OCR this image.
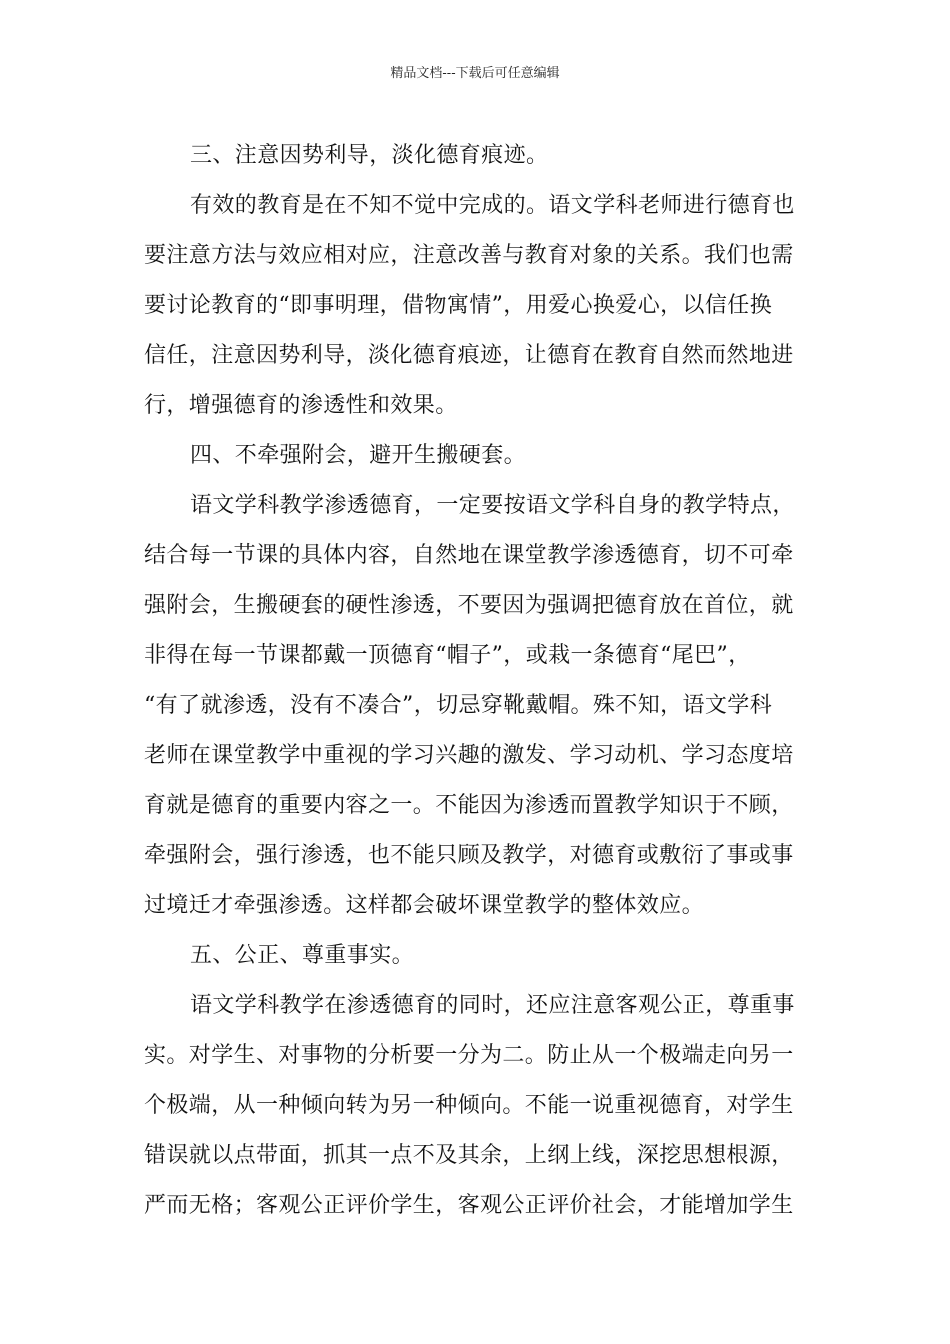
精品文档---下载后可任意编辑
三、注意因势利导，淡化德育痕迹。
有效的教育是在不知不觉中完成的。语文学科老师进行德育也
要注意方法与效应相对应，注意改善与教育对象的关系。我们也需
要讨论教育的“即事明理，借物寓情”，用爱心换爱心，以信任换
信任，注意因势利导，淡化德育痕迹，让德育在教育自然而然地进
行，增强德育的渗透性和效果。
四、不牵强附会，避开生搬硬套。
语文学科教学渗透德育，一定要按语文学科自身的教学特点，
结合每一节课的具体内容，自然地在课堂教学渗透德育，切不可牵
强附会，生搬硬套的硬性渗透，不要因为强调把德育放在首位，就
非得在每一节课都戴一顶德育“帽子”，或栽一条德育“尾巴”，
“有了就渗透，没有不凑合”，切忌穿靴戴帽。殊不知，语文学科
老师在课堂教学中重视的学习兴趣的激发、学习动机、学习态度培
育就是德育的重要内容之一。不能因为渗透而置教学知识于不顾，
牵强附会，强行渗透，也不能只顾及教学，对德育或敷衍了事或事
过境迁才牵强渗透。这样都会破坏课堂教学的整体效应。
五、公正、尊重事实。
语文学科教学在渗透德育的同时，还应注意客观公正，尊重事
实。对学生、对事物的分析要一分为二。防止从一个极端走向另一
个极端，从一种倾向转为另一种倾向。不能一说重视德育，对学生
错误就以点带面，抓其一点不及其余，上纲上线，深挖思想根源，
严而无格；客观公正评价学生，客观公正评价社会，才能增加学生
